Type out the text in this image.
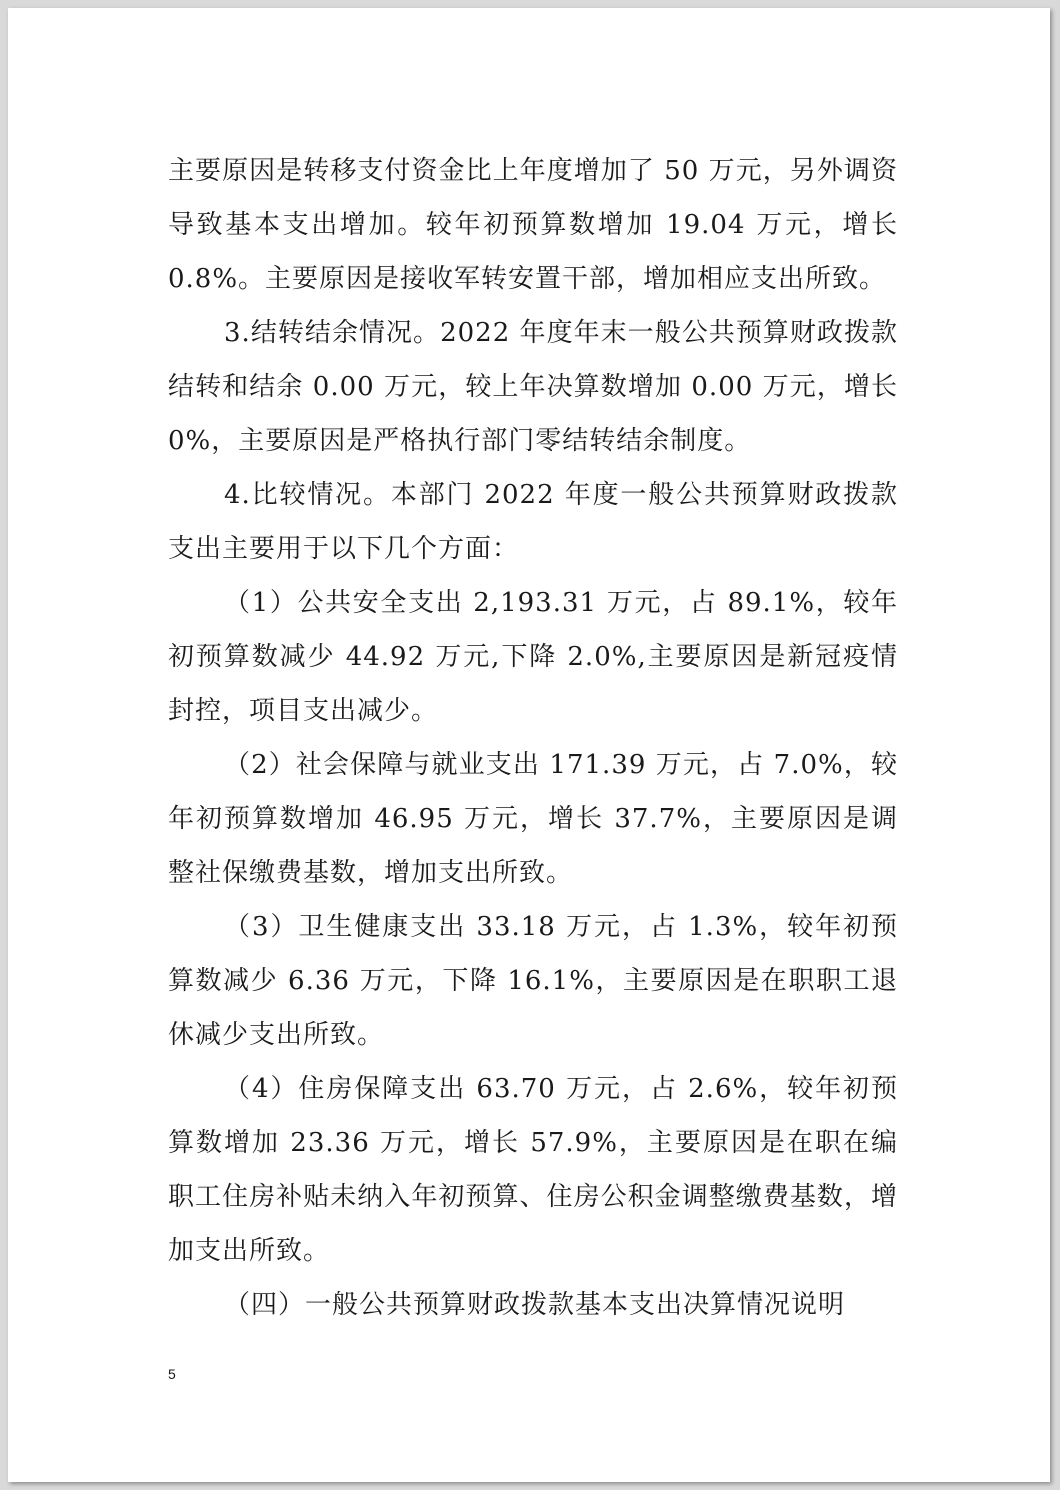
主要原因是转移支付资金比上年度增加了 50 万元，另外调资导致基本支出增加。较年初预算数增加 19.04 万元，增长 0.8%。主要原因是接收军转安置干部，增加相应支出所致。

3.结转结余情况。2022 年度年末一般公共预算财政拨款结转和结余 0.00 万元，较上年决算数增加 0.00 万元，增长 0%，主要原因是严格执行部门零结转结余制度。

4.比较情况。本部门 2022 年度一般公共预算财政拨款支出主要用于以下几个方面：

（1）公共安全支出 2,193.31 万元，占 89.1%，较年初预算数减少 44.92 万元,下降 2.0%,主要原因是新冠疫情封控，项目支出减少。

（2）社会保障与就业支出 171.39 万元，占 7.0%，较年初预算数增加 46.95 万元，增长 37.7%，主要原因是调整社保缴费基数，增加支出所致。

（3）卫生健康支出 33.18 万元，占 1.3%，较年初预算数减少 6.36 万元，下降 16.1%，主要原因是在职职工退休减少支出所致。

（4）住房保障支出 63.70 万元，占 2.6%，较年初预算数增加 23.36 万元，增长 57.9%，主要原因是在职在编职工住房补贴未纳入年初预算、住房公积金调整缴费基数，增加支出所致。

（四）一般公共预算财政拨款基本支出决算情况说明

5
